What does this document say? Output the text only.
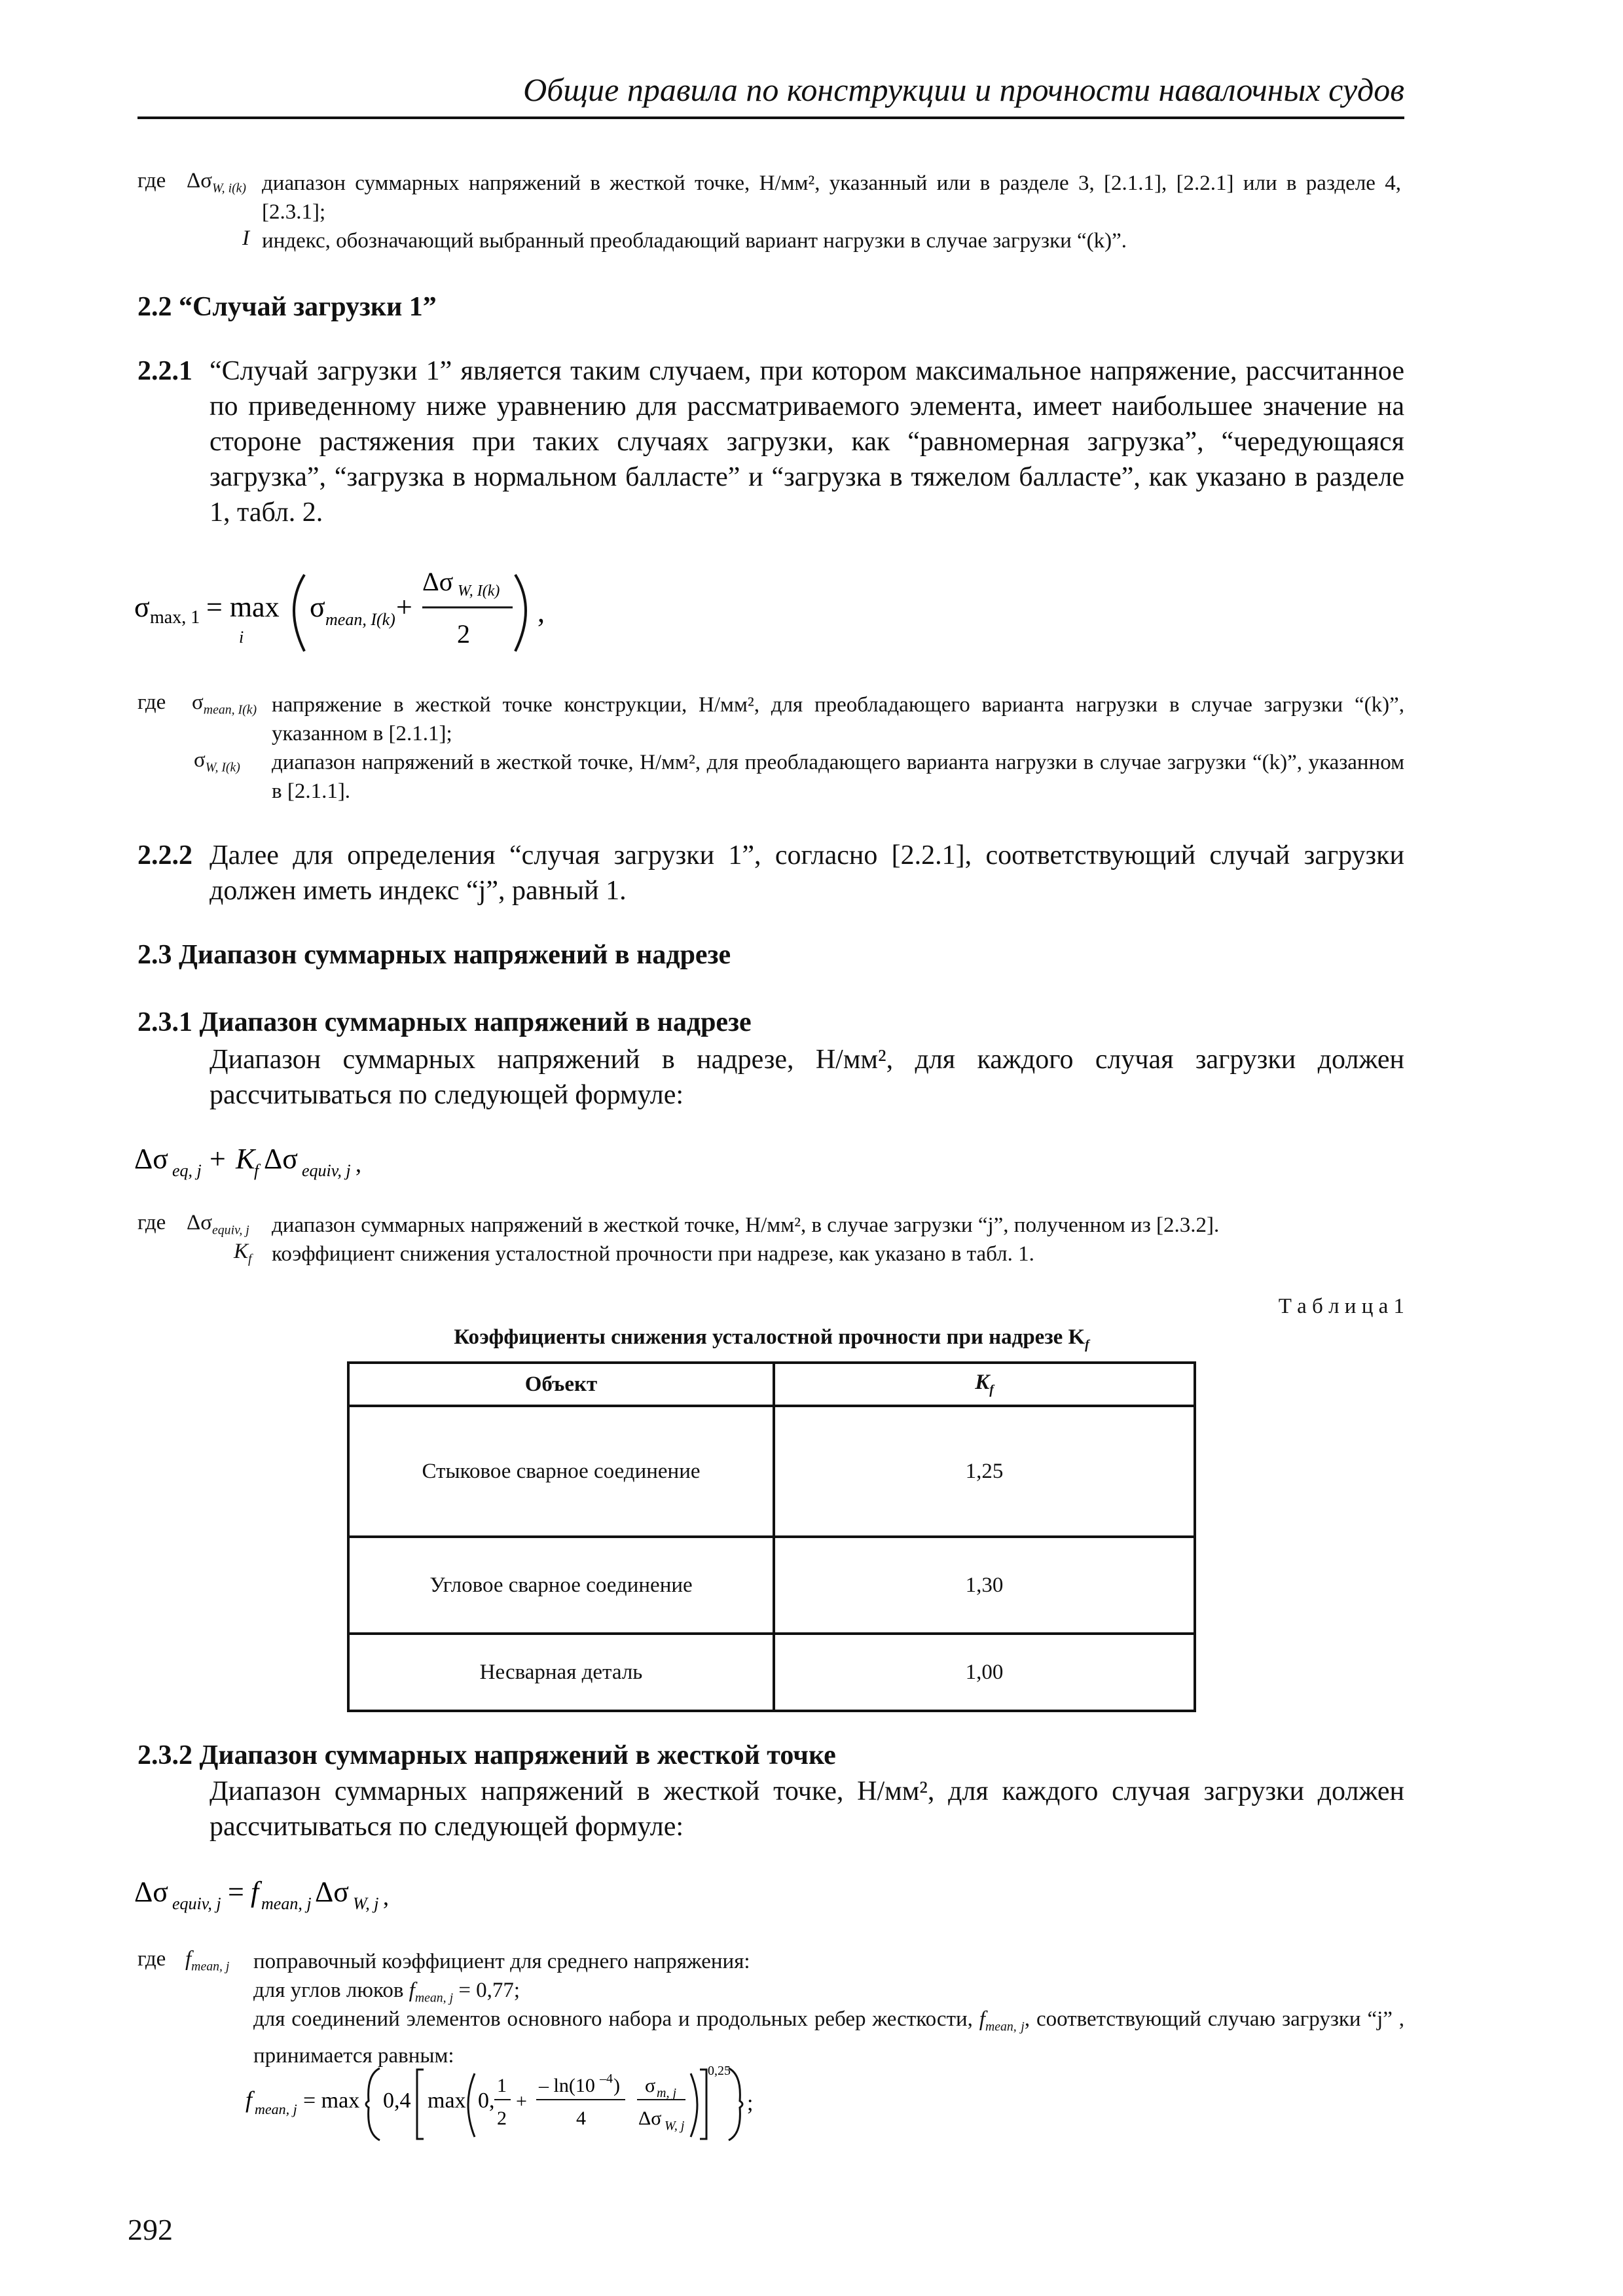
Общие правила по конструкции и прочности навалочных судов
где $\Delta\sigma_{W, i(k)}$ диапазон суммарных напряжений в жесткой точке, Н/мм², указанный или в разделе 3, [2.1.1], [2.2.1] или в разделе 4, [2.3.1];
I индекс, обозначающий выбранный преобладающий вариант нагрузки в случае загрузки “(k)”.
2.2 “Случай загрузки 1”
2.2.1 “Случай загрузки 1” является таким случаем, при котором максимальное напряжение, рассчитанное по приведенному ниже уравнению для рассматриваемого элемента, имеет наибольшее значение на стороне растяжения при таких случаях загрузки, как “равномерная загрузка”, “чередующаяся загрузка”, “загрузка в нормальном балласте” и “загрузка в тяжелом балласте”, как указано в разделе 1, табл. 2.
σ max, 1 = max
i
σ mean, I(k) +
Δσ W, I(k)
2
,
где $\sigma_{mean, I(k)}$ напряжение в жесткой точке конструкции, Н/мм², для преобладающего варианта нагрузки в случае загрузки “(k)”, указанном в [2.1.1];
$\sigma_{W, I(k)}$ диапазон напряжений в жесткой точке, Н/мм², для преобладающего варианта нагрузки в случае загрузки “(k)”, указанном в [2.1.1].
2.2.2 Далее для определения “случая загрузки 1”, согласно [2.2.1], соответствующий случай загрузки должен иметь индекс “j”, равный 1.
2.3 Диапазон суммарных напряжений в надрезе
2.3.1 Диапазон суммарных напряжений в надрезе
Диапазон суммарных напряжений в надрезе, Н/мм², для каждого случая загрузки должен рассчитываться по следующей формуле:
Δσ eq, j + K
f Δσ equiv, j ,
где $\Delta\sigma_{equiv, j}$ диапазон суммарных напряжений в жесткой точке, Н/мм², в случае загрузки “j”, полученном из [2.3.2].
$K_f$ коэффициент снижения усталостной прочности при надрезе, как указано в табл. 1.
Т а б л и ц а 1
Коэффициенты снижения усталостной прочности при надрезе $K_f$
Объект	$K_f$
Стыковое сварное соединение	1,25
Угловое сварное соединение	1,30
Несварная деталь	1,00
2.3.2 Диапазон суммарных напряжений в жесткой точке
Диапазон суммарных напряжений в жесткой точке, Н/мм², для каждого случая загрузки должен рассчитываться по следующей формуле:
Δσ equiv, j = f mean, j Δσ W, j ,
где $f_{mean, j}$ поправочный коэффициент для среднего напряжения:
для углов люков $f_{mean, j} = 0,77$;
для соединений элементов основного набора и продольных ребер жесткости, $f_{mean, j}$, соответствующий случаю загрузки “j” , принимается равным:
f mean, j = max 0,4 max 0,
1
2
+
– ln(10 –4 )
4
σ m, j
Δσ W, j
0,25
;
292
